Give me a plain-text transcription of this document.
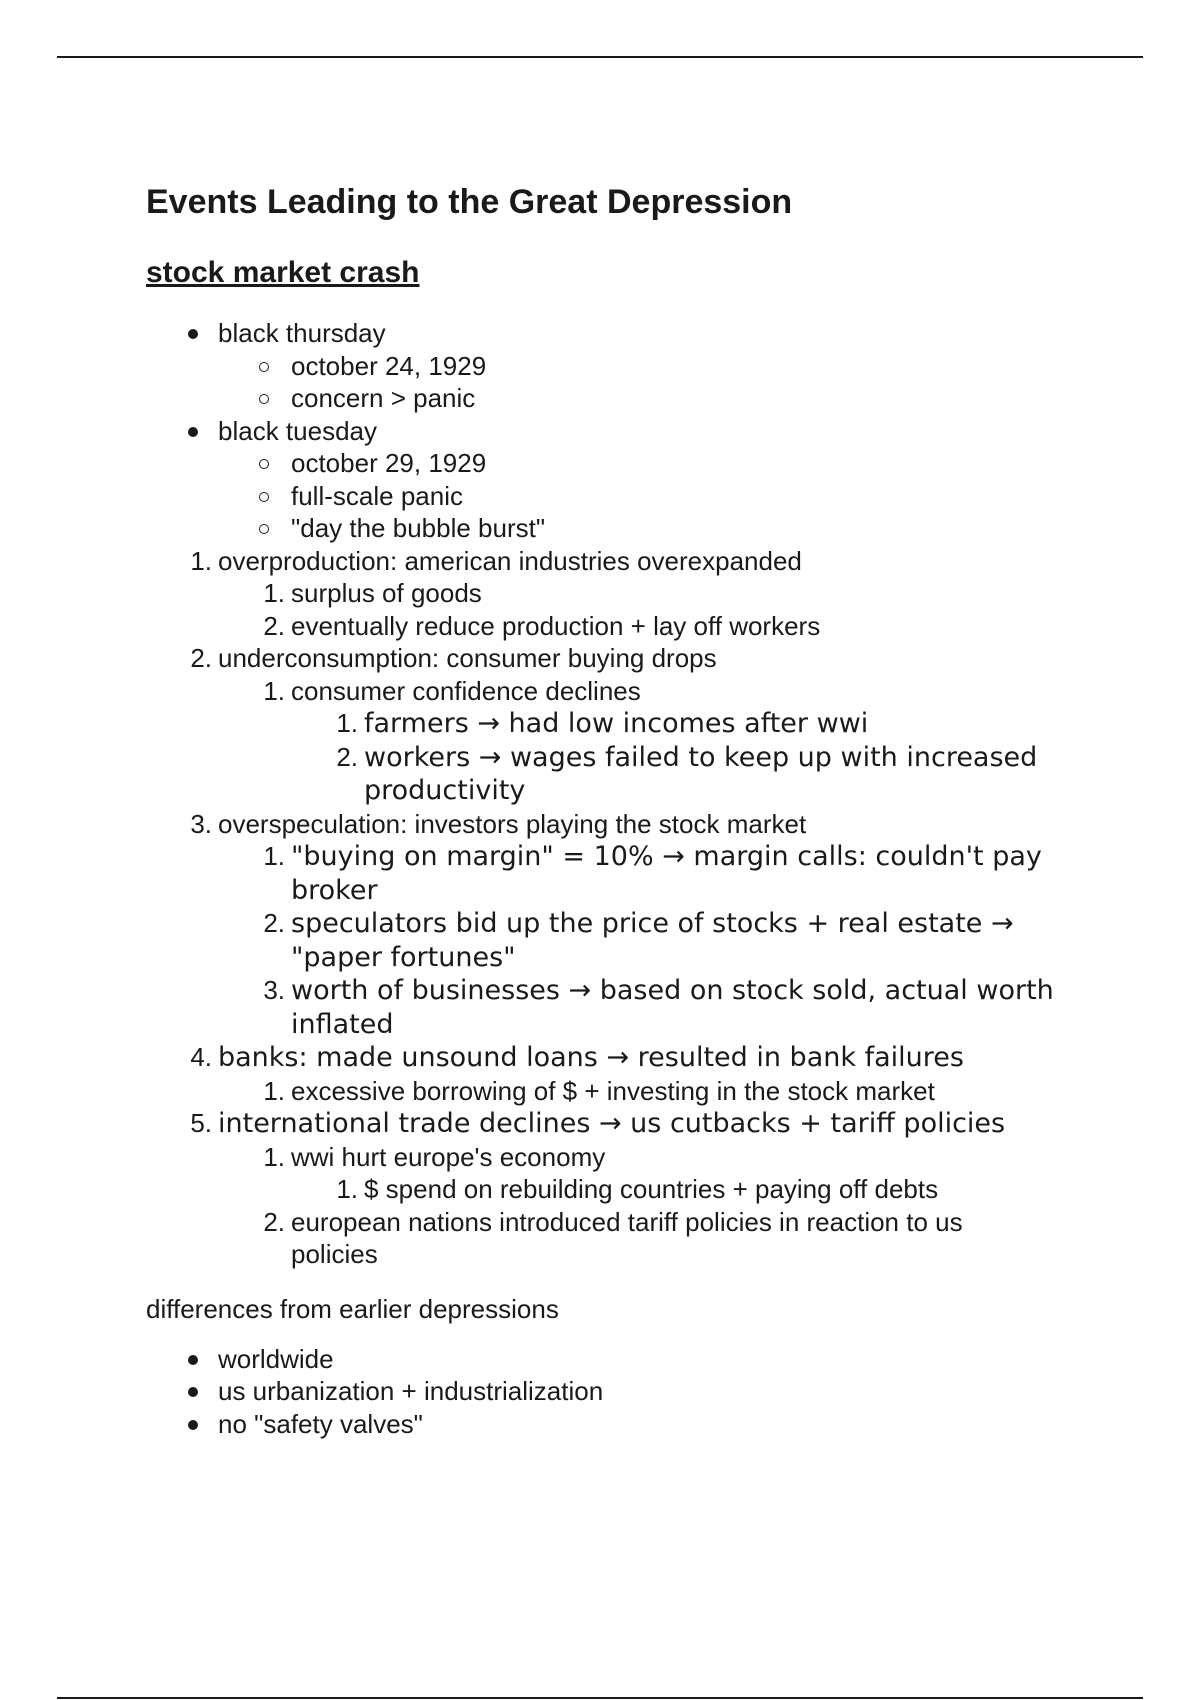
Events Leading to the Great Depression
stock market crash
black thursday
october 24, 1929
concern > panic
black tuesday
october 29, 1929
full-scale panic
"day the bubble burst"
1. overproduction: american industries overexpanded
1. surplus of goods
2. eventually reduce production + lay off workers
2. underconsumption: consumer buying drops
1. consumer confidence declines
1. farmers → had low incomes after wwi
2. workers → wages failed to keep up with increased
productivity
3. overspeculation: investors playing the stock market
1. "buying on margin" = 10% → margin calls: couldn't pay
broker
2. speculators bid up the price of stocks + real estate →
"paper fortunes"
3. worth of businesses → based on stock sold, actual worth
inflated
4. banks: made unsound loans → resulted in bank failures
1. excessive borrowing of $ + investing in the stock market
5. international trade declines → us cutbacks + tariff policies
1. wwi hurt europe's economy
1. $ spend on rebuilding countries + paying off debts
2. european nations introduced tariff policies in reaction to us
policies

differences from earlier depressions

worldwide
us urbanization + industrialization
no "safety valves"
